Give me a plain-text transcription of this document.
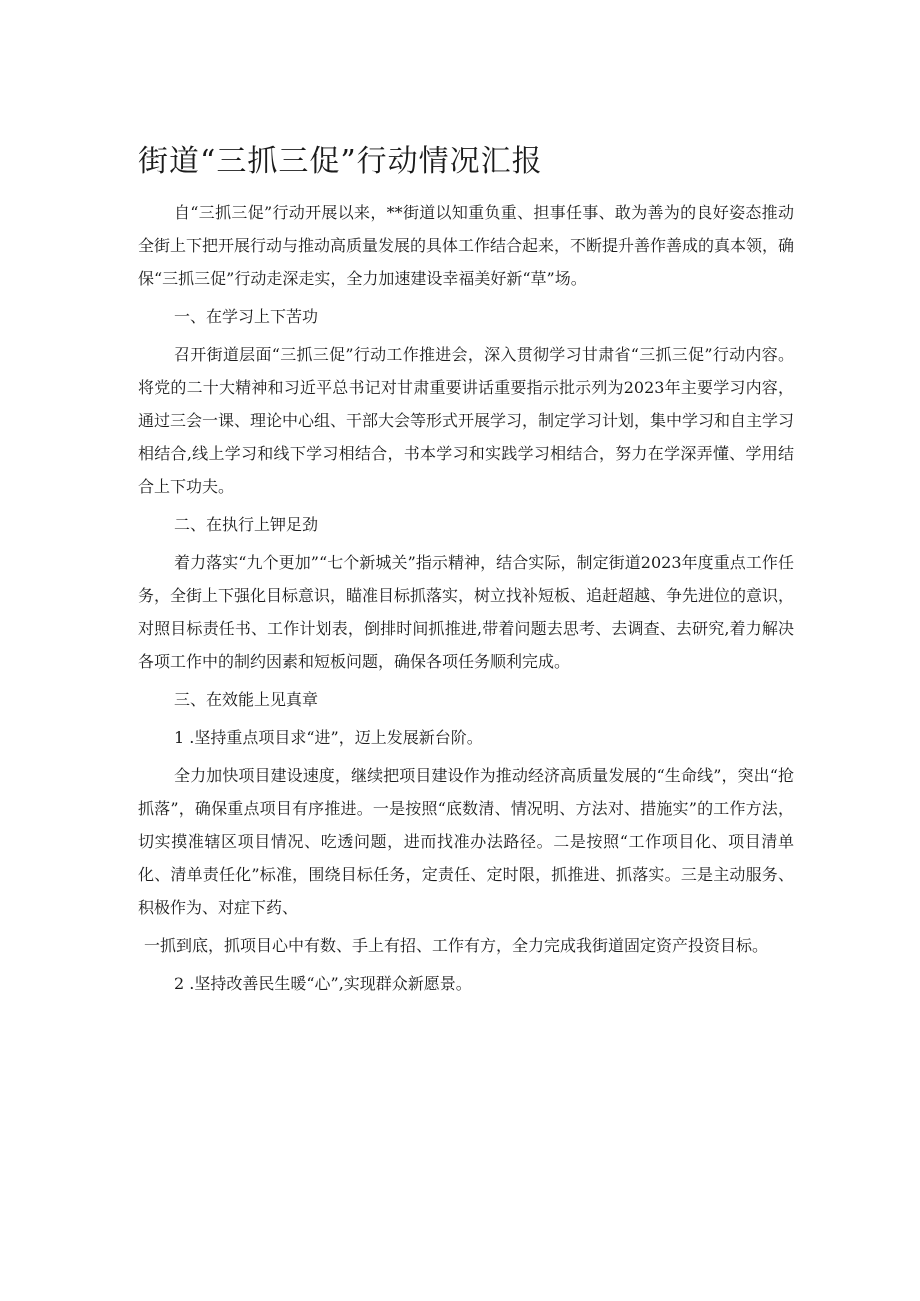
街道“三抓三促”行动情况汇报

自“三抓三促”行动开展以来，**街道以知重负重、担事任事、敢为善为的良好姿态推动全街上下把开展行动与推动高质量发展的具体工作结合起来，不断提升善作善成的真本领，确保“三抓三促”行动走深走实，全力加速建设幸福美好新“草”场。

一、在学习上下苦功

召开街道层面“三抓三促”行动工作推进会，深入贯彻学习甘肃省“三抓三促”行动内容。将党的二十大精神和习近平总书记对甘肃重要讲话重要指示批示列为2023年主要学习内容，通过三会一课、理论中心组、干部大会等形式开展学习，制定学习计划，集中学习和自主学习相结合,线上学习和线下学习相结合，书本学习和实践学习相结合，努力在学深弄懂、学用结合上下功夫。

二、在执行上钾足劲

着力落实“九个更加”“七个新城关”指示精神，结合实际，制定街道2023年度重点工作任务，全街上下强化目标意识，瞄准目标抓落实，树立找补短板、追赶超越、争先进位的意识，对照目标责任书、工作计划表，倒排时间抓推进,带着问题去思考、去调查、去研究,着力解决各项工作中的制约因素和短板问题，确保各项任务顺利完成。

三、在效能上见真章

1 .坚持重点项目求“进”，迈上发展新台阶。

全力加快项目建设速度，继续把项目建设作为推动经济高质量发展的“生命线”，突出“抢抓落”，确保重点项目有序推进。一是按照“底数清、情况明、方法对、措施实”的工作方法，切实摸准辖区项目情况、吃透问题，进而找准办法路径。二是按照“工作项目化、项目清单化、清单责任化”标准，围绕目标任务，定责任、定时限，抓推进、抓落实。三是主动服务、积极作为、对症下药、

一抓到底，抓项目心中有数、手上有招、工作有方，全力完成我街道固定资产投资目标。

2 .坚持改善民生暖“心”,实现群众新愿景。
